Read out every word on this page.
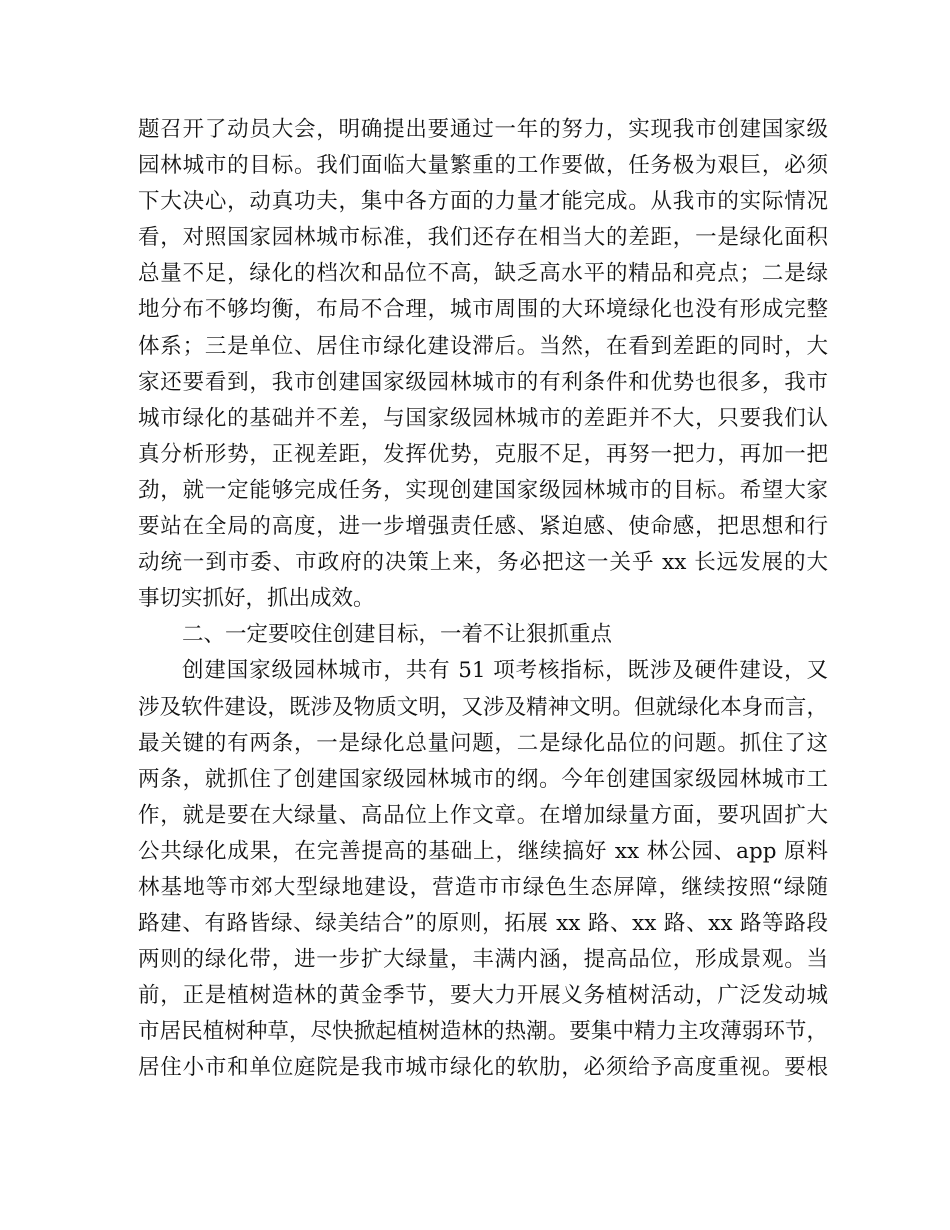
题召开了动员大会，明确提出要通过一年的努力，实现我市创建国家级
园林城市的目标。我们面临大量繁重的工作要做，任务极为艰巨，必须
下大决心，动真功夫，集中各方面的力量才能完成。从我市的实际情况
看，对照国家园林城市标准，我们还存在相当大的差距，一是绿化面积
总量不足，绿化的档次和品位不高，缺乏高水平的精品和亮点；二是绿
地分布不够均衡，布局不合理，城市周围的大环境绿化也没有形成完整
体系；三是单位、居住市绿化建设滞后。当然，在看到差距的同时，大
家还要看到，我市创建国家级园林城市的有利条件和优势也很多，我市
城市绿化的基础并不差，与国家级园林城市的差距并不大，只要我们认
真分析形势，正视差距，发挥优势，克服不足，再努一把力，再加一把
劲，就一定能够完成任务，实现创建国家级园林城市的目标。希望大家
要站在全局的高度，进一步增强责任感、紧迫感、使命感，把思想和行
动统一到市委、市政府的决策上来，务必把这一关乎 xx 长远发展的大
事切实抓好，抓出成效。
二、一定要咬住创建目标，一着不让狠抓重点
创建国家级园林城市，共有 51 项考核指标，既涉及硬件建设，又
涉及软件建设，既涉及物质文明，又涉及精神文明。但就绿化本身而言，
最关键的有两条，一是绿化总量问题，二是绿化品位的问题。抓住了这
两条，就抓住了创建国家级园林城市的纲。今年创建国家级园林城市工
作，就是要在大绿量、高品位上作文章。在增加绿量方面，要巩固扩大
公共绿化成果，在完善提高的基础上，继续搞好 xx 林公园、app 原料
林基地等市郊大型绿地建设，营造市市绿色生态屏障，继续按照“绿随
路建、有路皆绿、绿美结合”的原则，拓展 xx 路、xx 路、xx 路等路段
两则的绿化带，进一步扩大绿量，丰满内涵，提高品位，形成景观。当
前，正是植树造林的黄金季节，要大力开展义务植树活动，广泛发动城
市居民植树种草，尽快掀起植树造林的热潮。要集中精力主攻薄弱环节，
居住小市和单位庭院是我市城市绿化的软肋，必须给予高度重视。要根
